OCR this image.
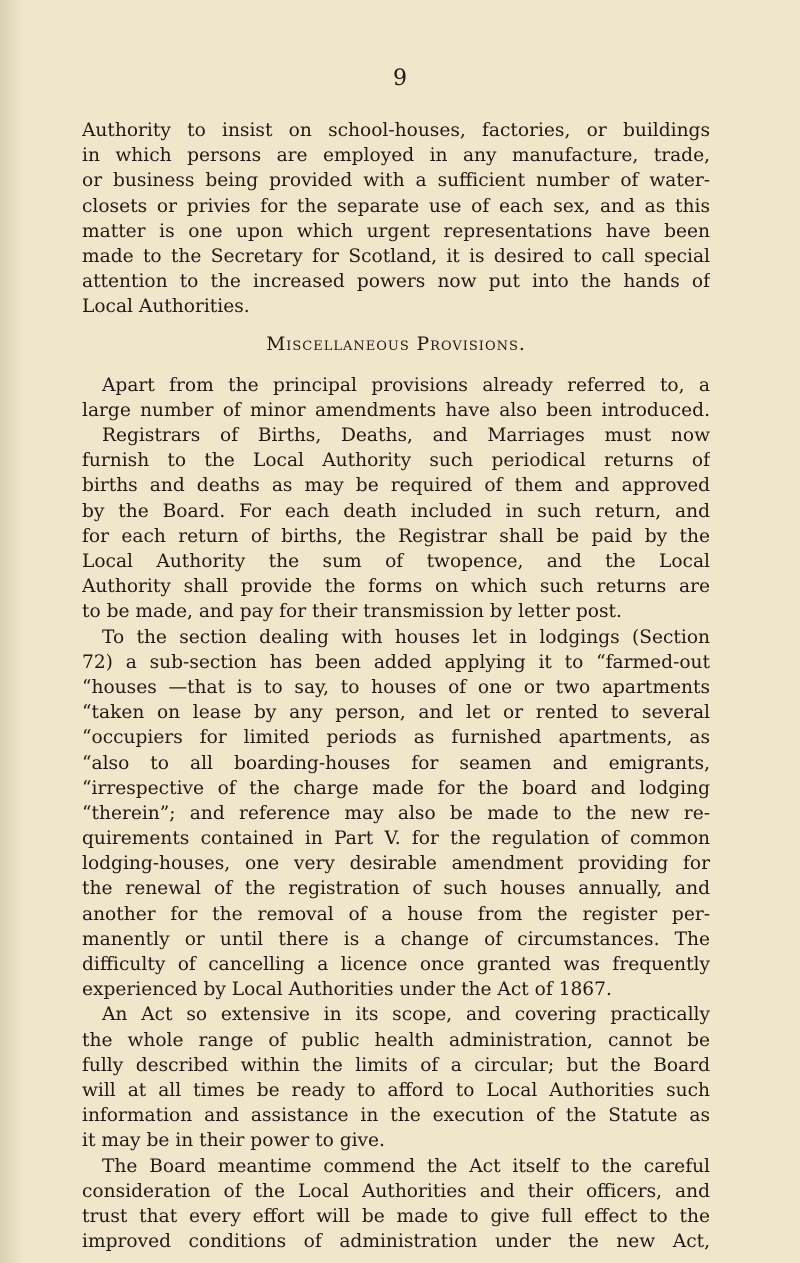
9
Authority to insist on school-houses, factories, or buildings
in which persons are employed in any manufacture, trade,
or business being provided with a sufficient number of water-
closets or privies for the separate use of each sex, and as this
matter is one upon which urgent representations have been
made to the Secretary for Scotland, it is desired to call special
attention to the increased powers now put into the hands of
Local Authorities.
Miscellaneous Provisions.
Apart from the principal provisions already referred to, a
large number of minor amendments have also been introduced.
Registrars of Births, Deaths, and Marriages must now
furnish to the Local Authority such periodical returns of
births and deaths as may be required of them and approved
by the Board. For each death included in such return, and
for each return of births, the Registrar shall be paid by the
Local Authority the sum of twopence, and the Local
Authority shall provide the forms on which such returns are
to be made, and pay for their transmission by letter post.
To the section dealing with houses let in lodgings (Section
72) a sub-section has been added applying it to “farmed-out
“houses —that is to say, to houses of one or two apartments
“taken on lease by any person, and let or rented to several
“occupiers for limited periods as furnished apartments, as
“also to all boarding-houses for seamen and emigrants,
“irrespective of the charge made for the board and lodging
“therein”; and reference may also be made to the new re-
quirements contained in Part V. for the regulation of common
lodging-houses, one very desirable amendment providing for
the renewal of the registration of such houses annually, and
another for the removal of a house from the register per-
manently or until there is a change of circumstances. The
difficulty of cancelling a licence once granted was frequently
experienced by Local Authorities under the Act of 1867.
An Act so extensive in its scope, and covering practically
the whole range of public health administration, cannot be
fully described within the limits of a circular; but the Board
will at all times be ready to afford to Local Authorities such
information and assistance in the execution of the Statute as
it may be in their power to give.
The Board meantime commend the Act itself to the careful
consideration of the Local Authorities and their officers, and
trust that every effort will be made to give full effect to the
improved conditions of administration under the new Act,
